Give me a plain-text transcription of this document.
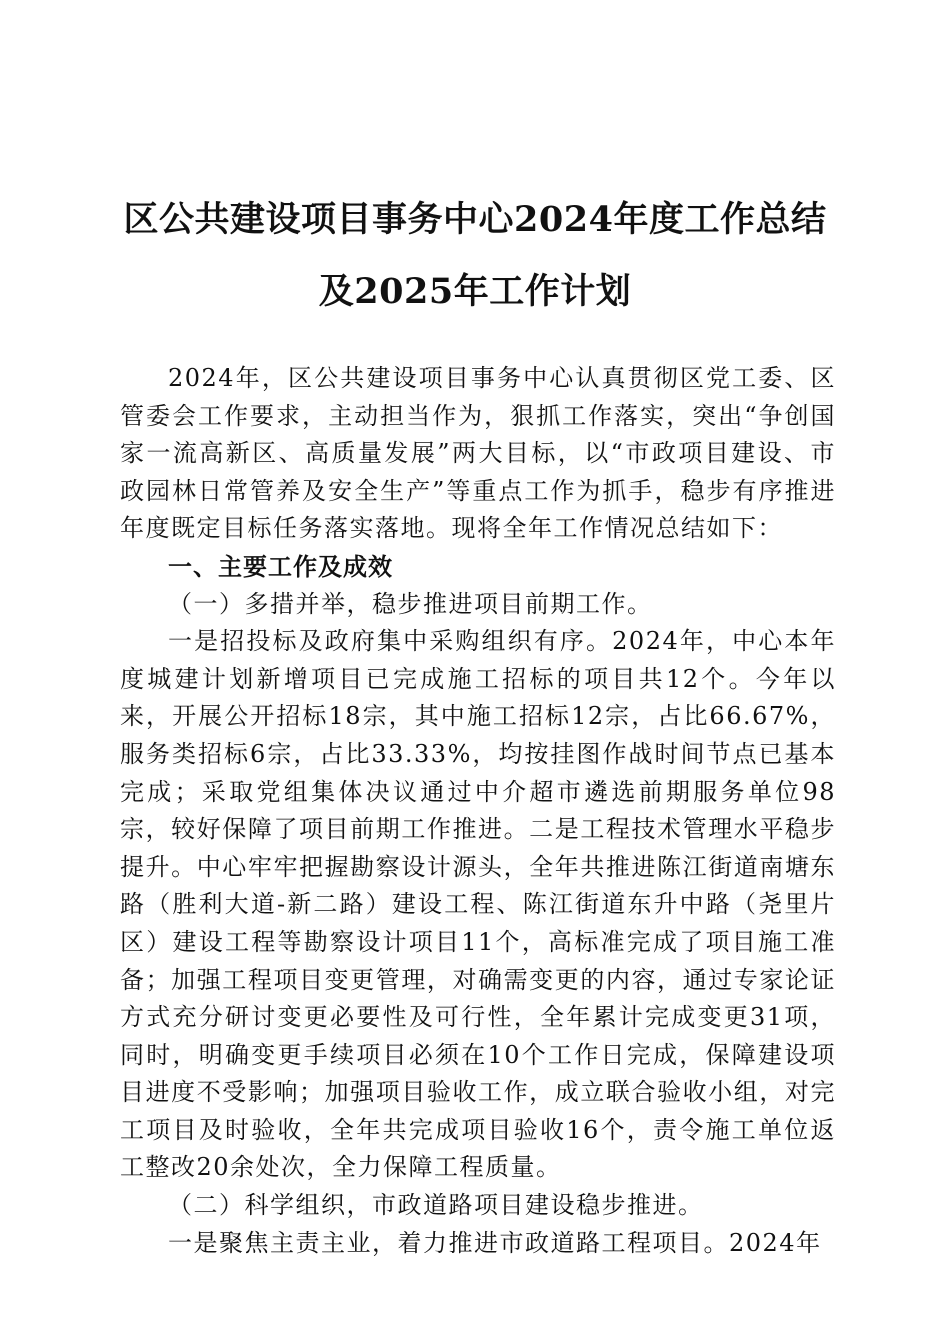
区公共建设项目事务中心2024年度工作总结
及2025年工作计划

2024年，区公共建设项目事务中心认真贯彻区党工委、区管委会工作要求，主动担当作为，狠抓工作落实，突出“争创国家一流高新区、高质量发展”两大目标，以“市政项目建设、市政园林日常管养及安全生产”等重点工作为抓手，稳步有序推进年度既定目标任务落实落地。现将全年工作情况总结如下：

一、主要工作及成效

（一）多措并举，稳步推进项目前期工作。

一是招投标及政府集中采购组织有序。2024年，中心本年度城建计划新增项目已完成施工招标的项目共12个。今年以来，开展公开招标18宗，其中施工招标12宗，占比66.67%，服务类招标6宗，占比33.33%，均按挂图作战时间节点已基本完成；采取党组集体决议通过中介超市遴选前期服务单位98宗，较好保障了项目前期工作推进。二是工程技术管理水平稳步提升。中心牢牢把握勘察设计源头，全年共推进陈江街道南塘东路（胜利大道-新二路）建设工程、陈江街道东升中路（尧里片区）建设工程等勘察设计项目11个，高标准完成了项目施工准备；加强工程项目变更管理，对确需变更的内容，通过专家论证方式充分研讨变更必要性及可行性，全年累计完成变更31项，同时，明确变更手续项目必须在10个工作日完成，保障建设项目进度不受影响；加强项目验收工作，成立联合验收小组，对完工项目及时验收，全年共完成项目验收16个，责令施工单位返工整改20余处次，全力保障工程质量。

（二）科学组织，市政道路项目建设稳步推进。

一是聚焦主责主业，着力推进市政道路工程项目。2024年
